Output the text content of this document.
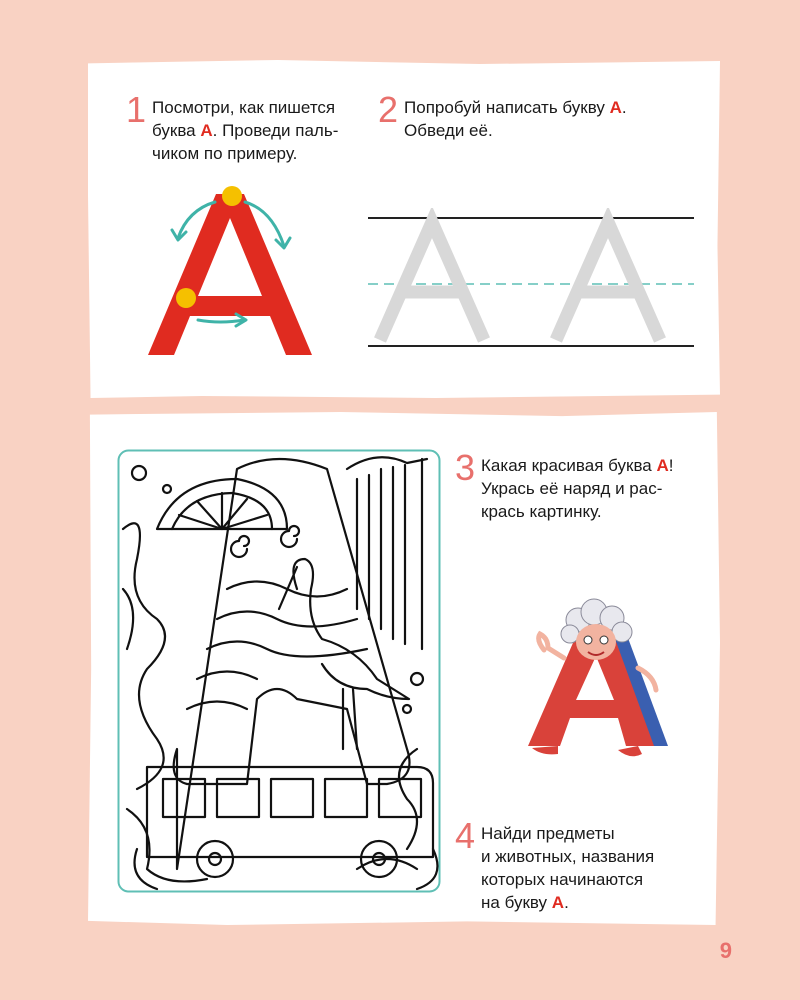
1 Посмотри, как пишется
буква А. Проведи паль-
чиком по примеру.
2 Попробуй написать букву А.
Обведи её.
3 Какая красивая буква А!
Укрась её наряд и рас-
крась картинку.
4 Найди предметы
и животных, названия
которых начинаются
на букву А.
9
